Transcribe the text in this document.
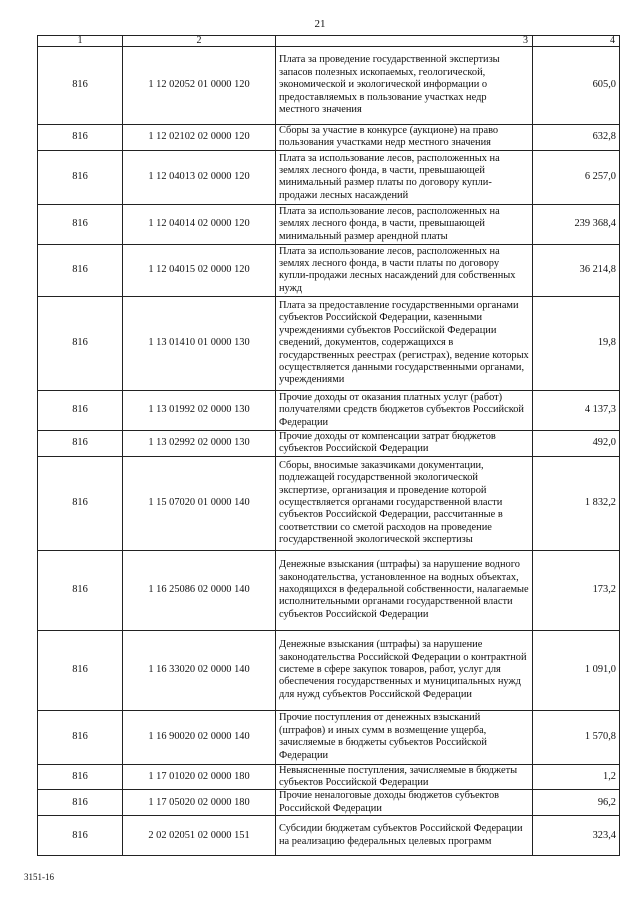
21
1	2	3	4
816	1 12 02052 01 0000 120	Плата за проведение государственной экспертизы запасов полезных ископаемых, геологической, экономической и экологической информации о предоставляемых в пользование участках недр местного значения	605,0
816	1 12 02102 02 0000 120	Сборы за участие в конкурсе (аукционе) на право пользования участками недр местного значения	632,8
816	1 12 04013 02 0000 120	Плата за использование лесов, расположенных на землях лесного фонда, в части, превышающей минимальный размер платы по договору купли-продажи лесных насаждений	6 257,0
816	1 12 04014 02 0000 120	Плата за использование лесов, расположенных на землях лесного фонда, в части, превышающей минимальный размер арендной платы	239 368,4
816	1 12 04015 02 0000 120	Плата за использование лесов, расположенных на землях лесного фонда, в части платы по договору купли-продажи лесных насаждений для собственных нужд	36 214,8
816	1 13 01410 01 0000 130	Плата за предоставление государственными органами субъектов Российской Федерации, казенными учреждениями субъектов Российской Федерации сведений, документов, содержащихся в государственных реестрах (регистрах), ведение которых осуществляется данными государственными органами, учреждениями	19,8
816	1 13 01992 02 0000 130	Прочие доходы от оказания платных услуг (работ) получателями средств бюджетов субъектов Российской Федерации	4 137,3
816	1 13 02992 02 0000 130	Прочие доходы от компенсации затрат бюджетов субъектов Российской Федерации	492,0
816	1 15 07020 01 0000 140	Сборы, вносимые заказчиками документации, подлежащей государственной экологической экспертизе, организация и проведение которой осуществляется органами государственной власти субъектов Российской Федерации, рассчитанные в соответствии со сметой расходов на проведение государственной экологической экспертизы	1 832,2
816	1 16 25086 02 0000 140	Денежные взыскания (штрафы) за нарушение водного законодательства, установленное на водных объектах, находящихся в федеральной собственности, налагаемые исполнительными органами государственной власти субъектов Российской Федерации	173,2
816	1 16 33020 02 0000 140	Денежные взыскания (штрафы) за нарушение законодательства Российской Федерации о контрактной системе в сфере закупок товаров, работ, услуг для обеспечения государственных и муниципальных нужд для нужд субъектов Российской Федерации	1 091,0
816	1 16 90020 02 0000 140	Прочие поступления от денежных взысканий (штрафов) и иных сумм в возмещение ущерба, зачисляемые в бюджеты субъектов Российской Федерации	1 570,8
816	1 17 01020 02 0000 180	Невыясненные поступления, зачисляемые в бюджеты субъектов Российской Федерации	1,2
816	1 17 05020 02 0000 180	Прочие неналоговые доходы бюджетов субъектов Российской Федерации	96,2
816	2 02 02051 02 0000 151	Субсидии бюджетам субъектов Российской Федерации на реализацию федеральных целевых программ	323,4
3151-16
